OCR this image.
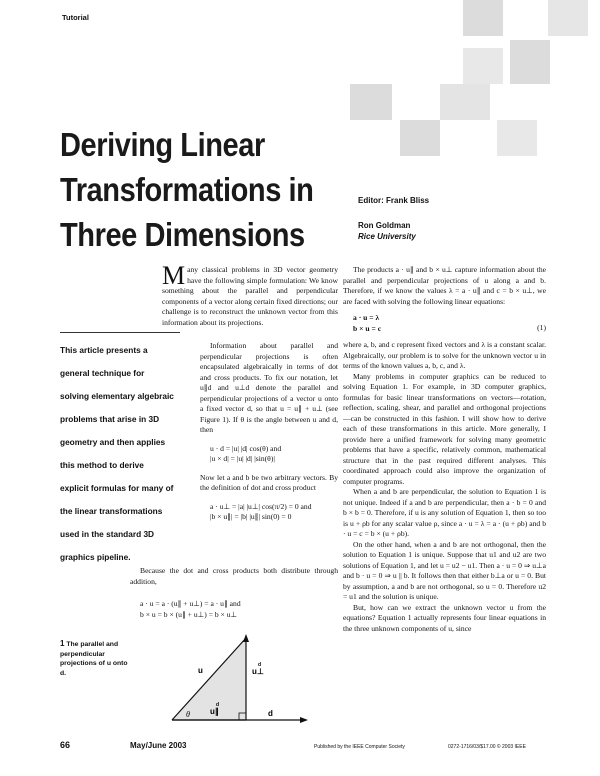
Tutorial
Deriving Linear
Transformations in
Three Dimensions
Editor: Frank Bliss
Ron Goldman
Rice University
This article presents a
general technique for
solving elementary algebraic
problems that arise in 3D
geometry and then applies
this method to derive
explicit formulas for many of
the linear transformations
used in the standard 3D
graphics pipeline.
Many classical problems in 3D vector geometry have the following simple formulation: We know something about the parallel and perpendicular components of a vector along certain fixed directions; our challenge is to reconstruct the unknown vector from this information about its projections.

Information about parallel and perpendicular projections is often encapsulated algebraically in terms of dot and cross products. To fix our notation, let u∥d and u⊥d denote the parallel and perpendicular projections of a vector u onto a fixed vector d, so that u = u∥ + u⊥ (see Figure 1). If θ is the angle between u and d, then

u · d = |u| |d| cos(θ) and
|u × d| = |u| |d| |sin(θ)|

Now let a and b be two arbitrary vectors. By the definition of dot and cross product

a · u⊥ = |a| |u⊥| cos(π/2) = 0 and
|b × u∥| = |b| |u∥| sin(0) = 0
Because the dot and cross products both distribute through addition,
a · u = a · (u∥ + u⊥) = a · u∥ and
b × u = b × (u∥ + u⊥) = b × u⊥
1 The parallel and perpendicular projections of u onto d.	u
θ	u∥
d
u⊥
d
d

The products a · u∥ and b × u⊥ capture information about the parallel and perpendicular projections of u along a and b. Therefore, if we know the values λ = a · u∥ and c = b × u⊥, we are faced with solving the following linear equations:

a · u = λ
b × u = c	(1)

where a, b, and c represent fixed vectors and λ is a constant scalar. Algebraically, our problem is to solve for the unknown vector u in terms of the known values a, b, c, and λ.

Many problems in computer graphics can be reduced to solving Equation 1. For example, in 3D computer graphics, formulas for basic linear transformations on vectors—rotation, reflection, scaling, shear, and parallel and orthogonal projections—can be constructed in this fashion. I will show how to derive each of these transformations in this article. More generally, I provide here a unified framework for solving many geometric problems that have a specific, relatively common, mathematical structure that in the past required different analyses. This coordinated approach could also improve the organization of computer programs.

When a and b are perpendicular, the solution to Equation 1 is not unique. Indeed if a and b are perpendicular, then a · b = 0 and b × b = 0. Therefore, if u is any solution of Equation 1, then so too is u + ρb for any scalar value ρ, since a · u = λ = a · (u + ρb) and b · u = c = b × (u + ρb).

On the other hand, when a and b are not orthogonal, then the solution to Equation 1 is unique. Suppose that u1 and u2 are two solutions of Equation 1, and let u = u2 − u1. Then a · u = 0 ⇒ u⊥a and b · u = 0 ⇒ u || b. It follows then that either b⊥a or u = 0. But by assumption, a and b are not orthogonal, so u = 0. Therefore u2 = u1 and the solution is unique.

But, how can we extract the unknown vector u from the equations? Equation 1 actually represents four linear equations in the three unknown components of u, since

66	May/June 2003	Published by the IEEE Computer Society	0272-1716/03/$17.00 © 2003 IEEE
